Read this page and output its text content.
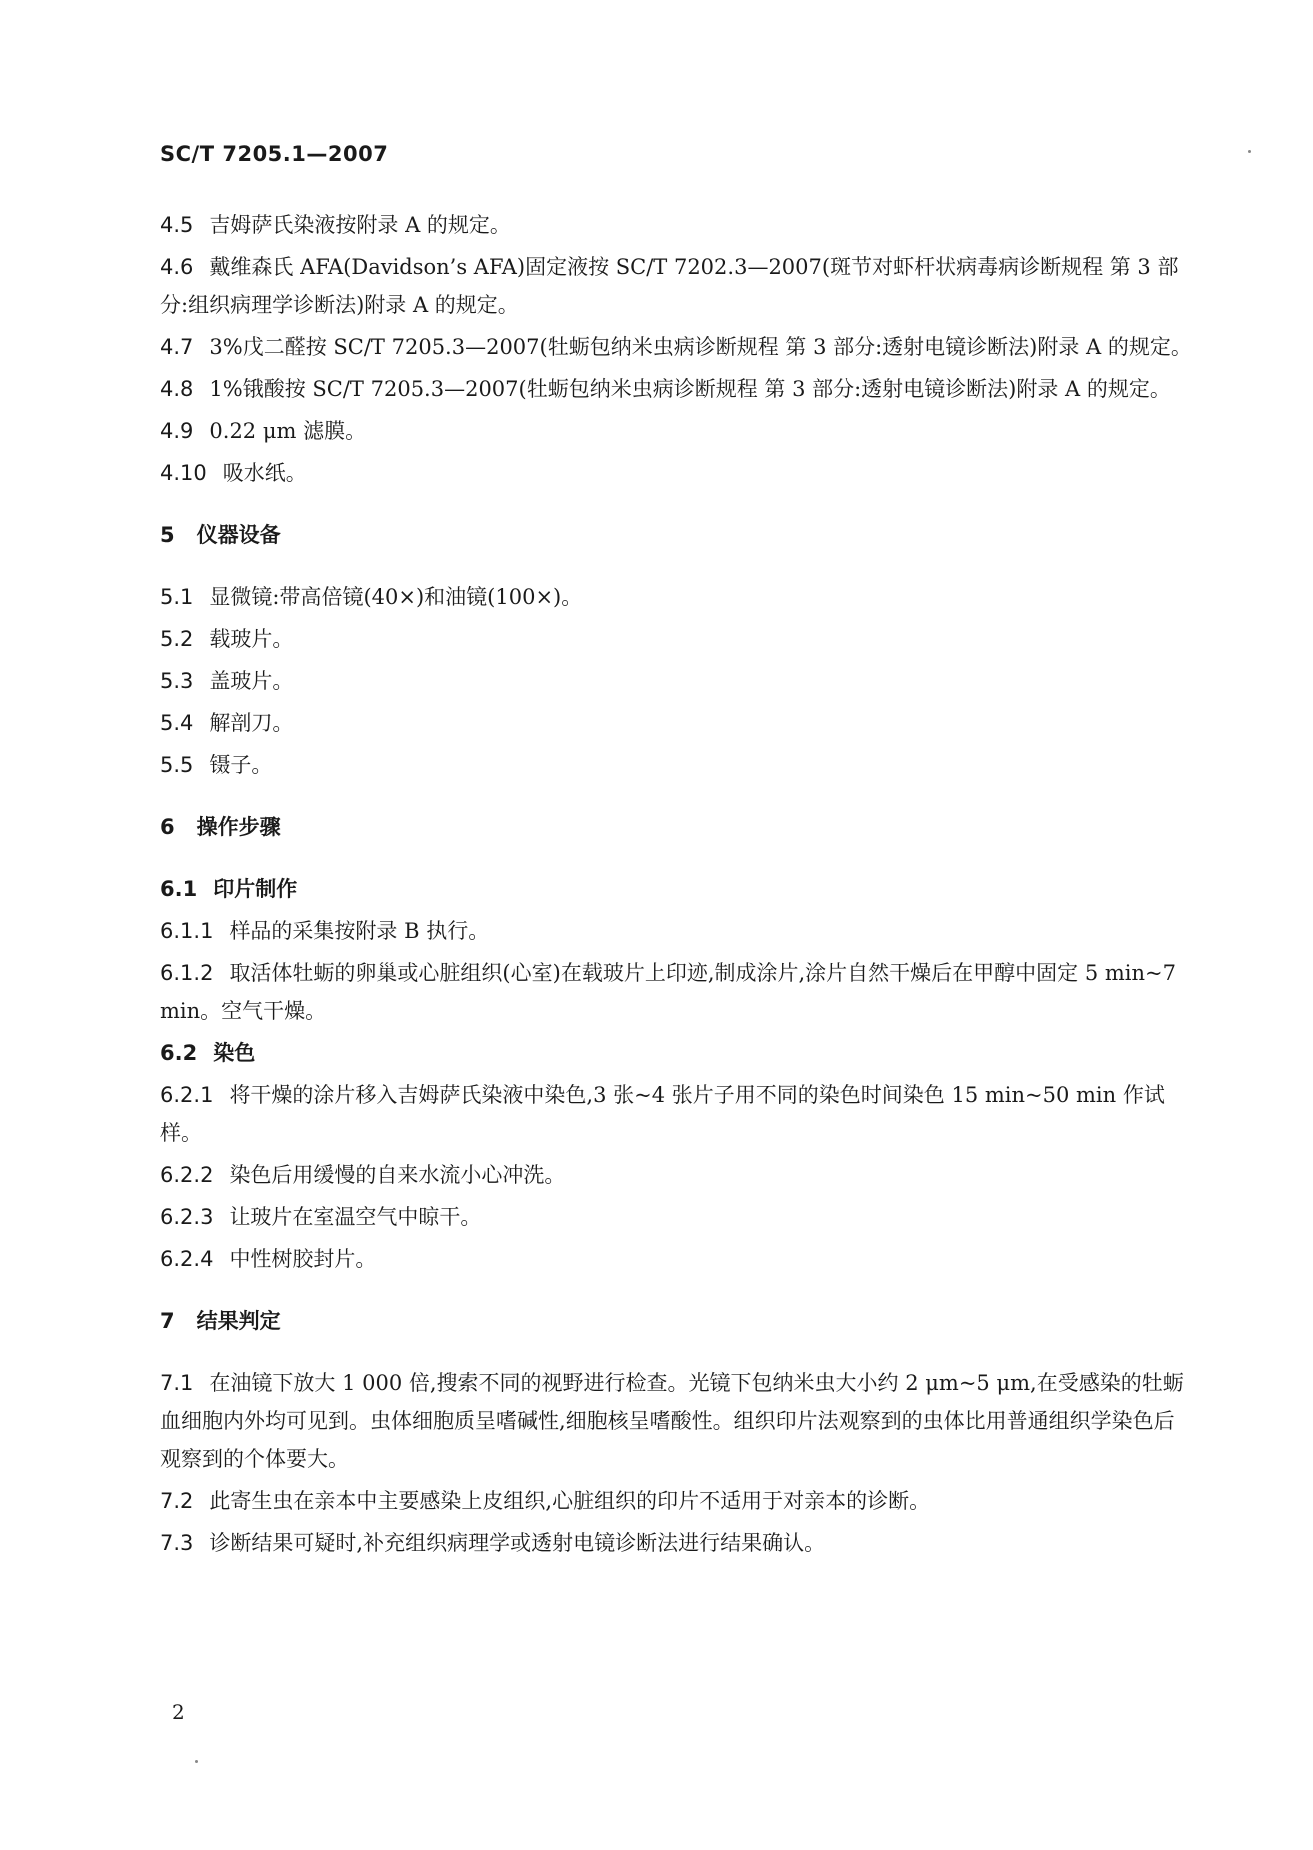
SC/T 7205.1—2007

4.5 吉姆萨氏染液按附录 A 的规定。

4.6 戴维森氏 AFA(Davidson’s AFA)固定液按 SC/T 7202.3—2007(斑节对虾杆状病毒病诊断规程 第 3 部分:组织病理学诊断法)附录 A 的规定。

4.7 3%戊二醛按 SC/T 7205.3—2007(牡蛎包纳米虫病诊断规程 第 3 部分:透射电镜诊断法)附录 A 的规定。

4.8 1%锇酸按 SC/T 7205.3—2007(牡蛎包纳米虫病诊断规程 第 3 部分:透射电镜诊断法)附录 A 的规定。

4.9 0.22 μm 滤膜。

4.10 吸水纸。

5 仪器设备

5.1 显微镜:带高倍镜(40×)和油镜(100×)。

5.2 载玻片。

5.3 盖玻片。

5.4 解剖刀。

5.5 镊子。

6 操作步骤

6.1 印片制作

6.1.1 样品的采集按附录 B 执行。

6.1.2 取活体牡蛎的卵巢或心脏组织(心室)在载玻片上印迹,制成涂片,涂片自然干燥后在甲醇中固定 5 min~7 min。空气干燥。

6.2 染色

6.2.1 将干燥的涂片移入吉姆萨氏染液中染色,3 张~4 张片子用不同的染色时间染色 15 min~50 min 作试样。

6.2.2 染色后用缓慢的自来水流小心冲洗。

6.2.3 让玻片在室温空气中晾干。

6.2.4 中性树胶封片。

7 结果判定

7.1 在油镜下放大 1 000 倍,搜索不同的视野进行检查。光镜下包纳米虫大小约 2 μm~5 μm,在受感染的牡蛎血细胞内外均可见到。虫体细胞质呈嗜碱性,细胞核呈嗜酸性。组织印片法观察到的虫体比用普通组织学染色后观察到的个体要大。

7.2 此寄生虫在亲本中主要感染上皮组织,心脏组织的印片不适用于对亲本的诊断。

7.3 诊断结果可疑时,补充组织病理学或透射电镜诊断法进行结果确认。

2
